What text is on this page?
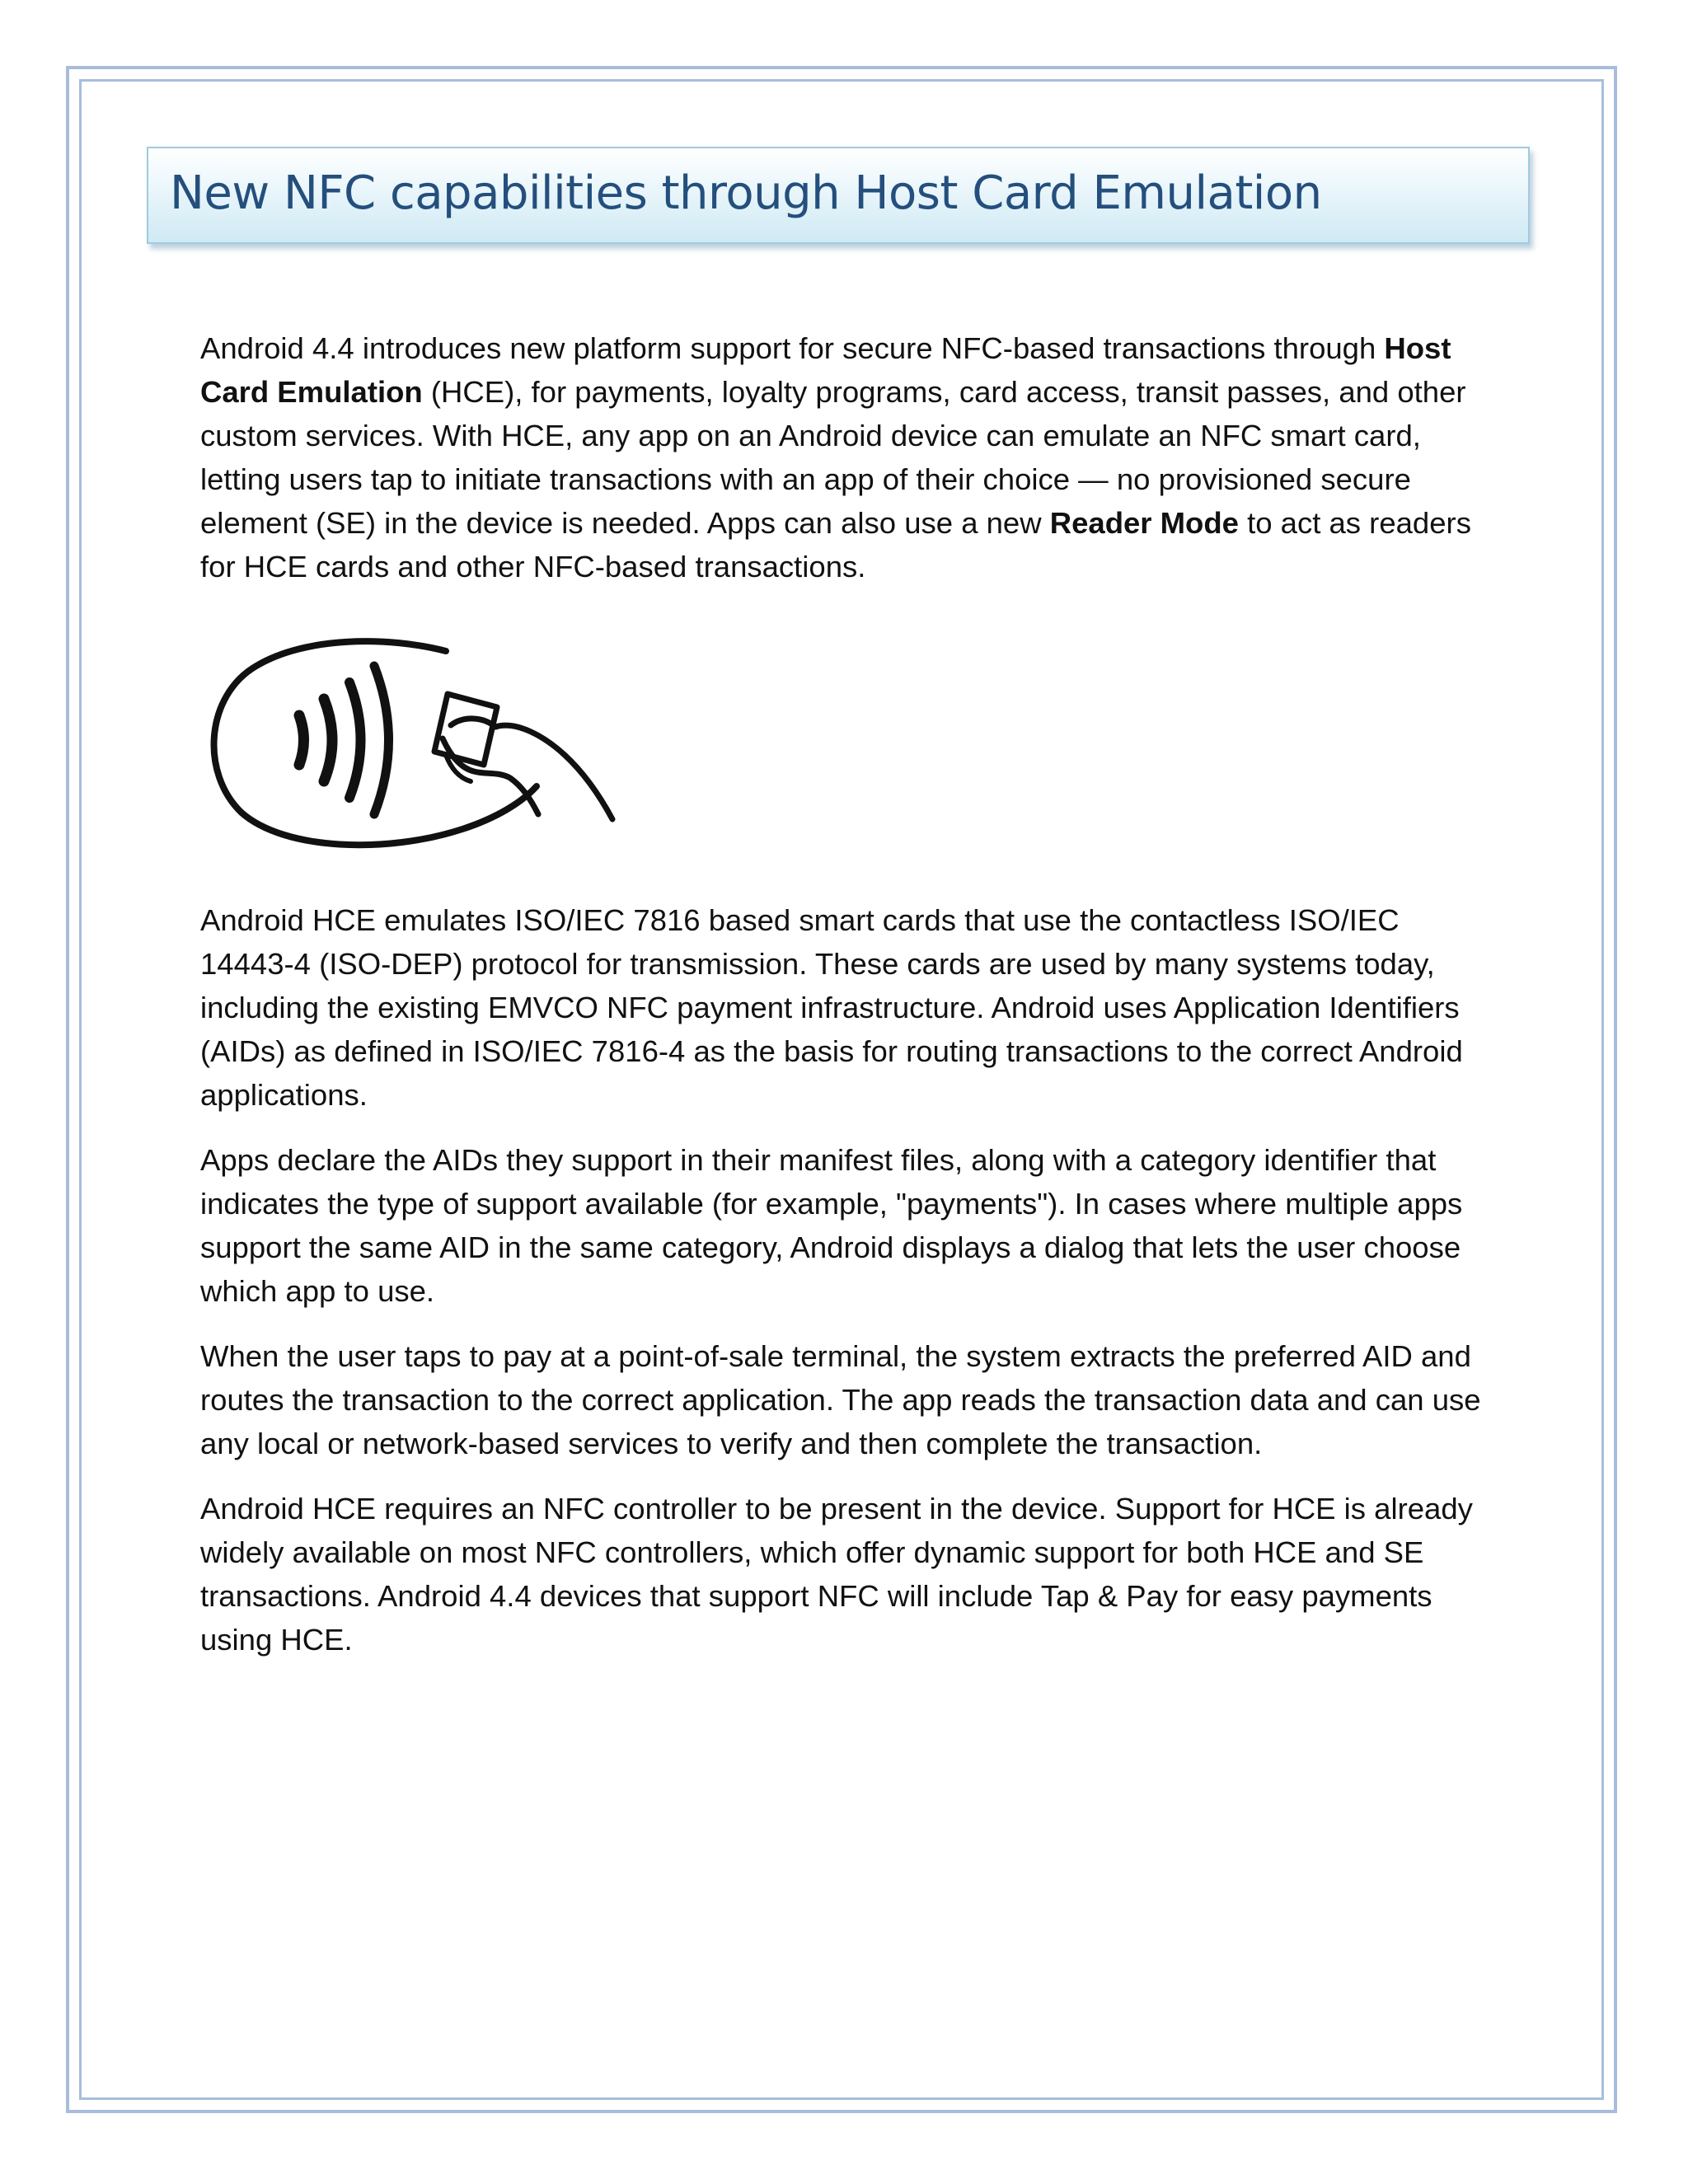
New NFC capabilities through Host Card Emulation

Android 4.4 introduces new platform support for secure NFC-based transactions through Host Card Emulation (HCE), for payments, loyalty programs, card access, transit passes, and other custom services. With HCE, any app on an Android device can emulate an NFC smart card, letting users tap to initiate transactions with an app of their choice — no provisioned secure element (SE) in the device is needed. Apps can also use a new Reader Mode to act as readers for HCE cards and other NFC-based transactions.

Android HCE emulates ISO/IEC 7816 based smart cards that use the contactless ISO/IEC 14443-4 (ISO-DEP) protocol for transmission. These cards are used by many systems today, including the existing EMVCO NFC payment infrastructure. Android uses Application Identifiers (AIDs) as defined in ISO/IEC 7816-4 as the basis for routing transactions to the correct Android applications.

Apps declare the AIDs they support in their manifest files, along with a category identifier that indicates the type of support available (for example, "payments"). In cases where multiple apps support the same AID in the same category, Android displays a dialog that lets the user choose which app to use.

When the user taps to pay at a point-of-sale terminal, the system extracts the preferred AID and routes the transaction to the correct application. The app reads the transaction data and can use any local or network-based services to verify and then complete the transaction.

Android HCE requires an NFC controller to be present in the device. Support for HCE is already widely available on most NFC controllers, which offer dynamic support for both HCE and SE transactions. Android 4.4 devices that support NFC will include Tap & Pay for easy payments using HCE.
